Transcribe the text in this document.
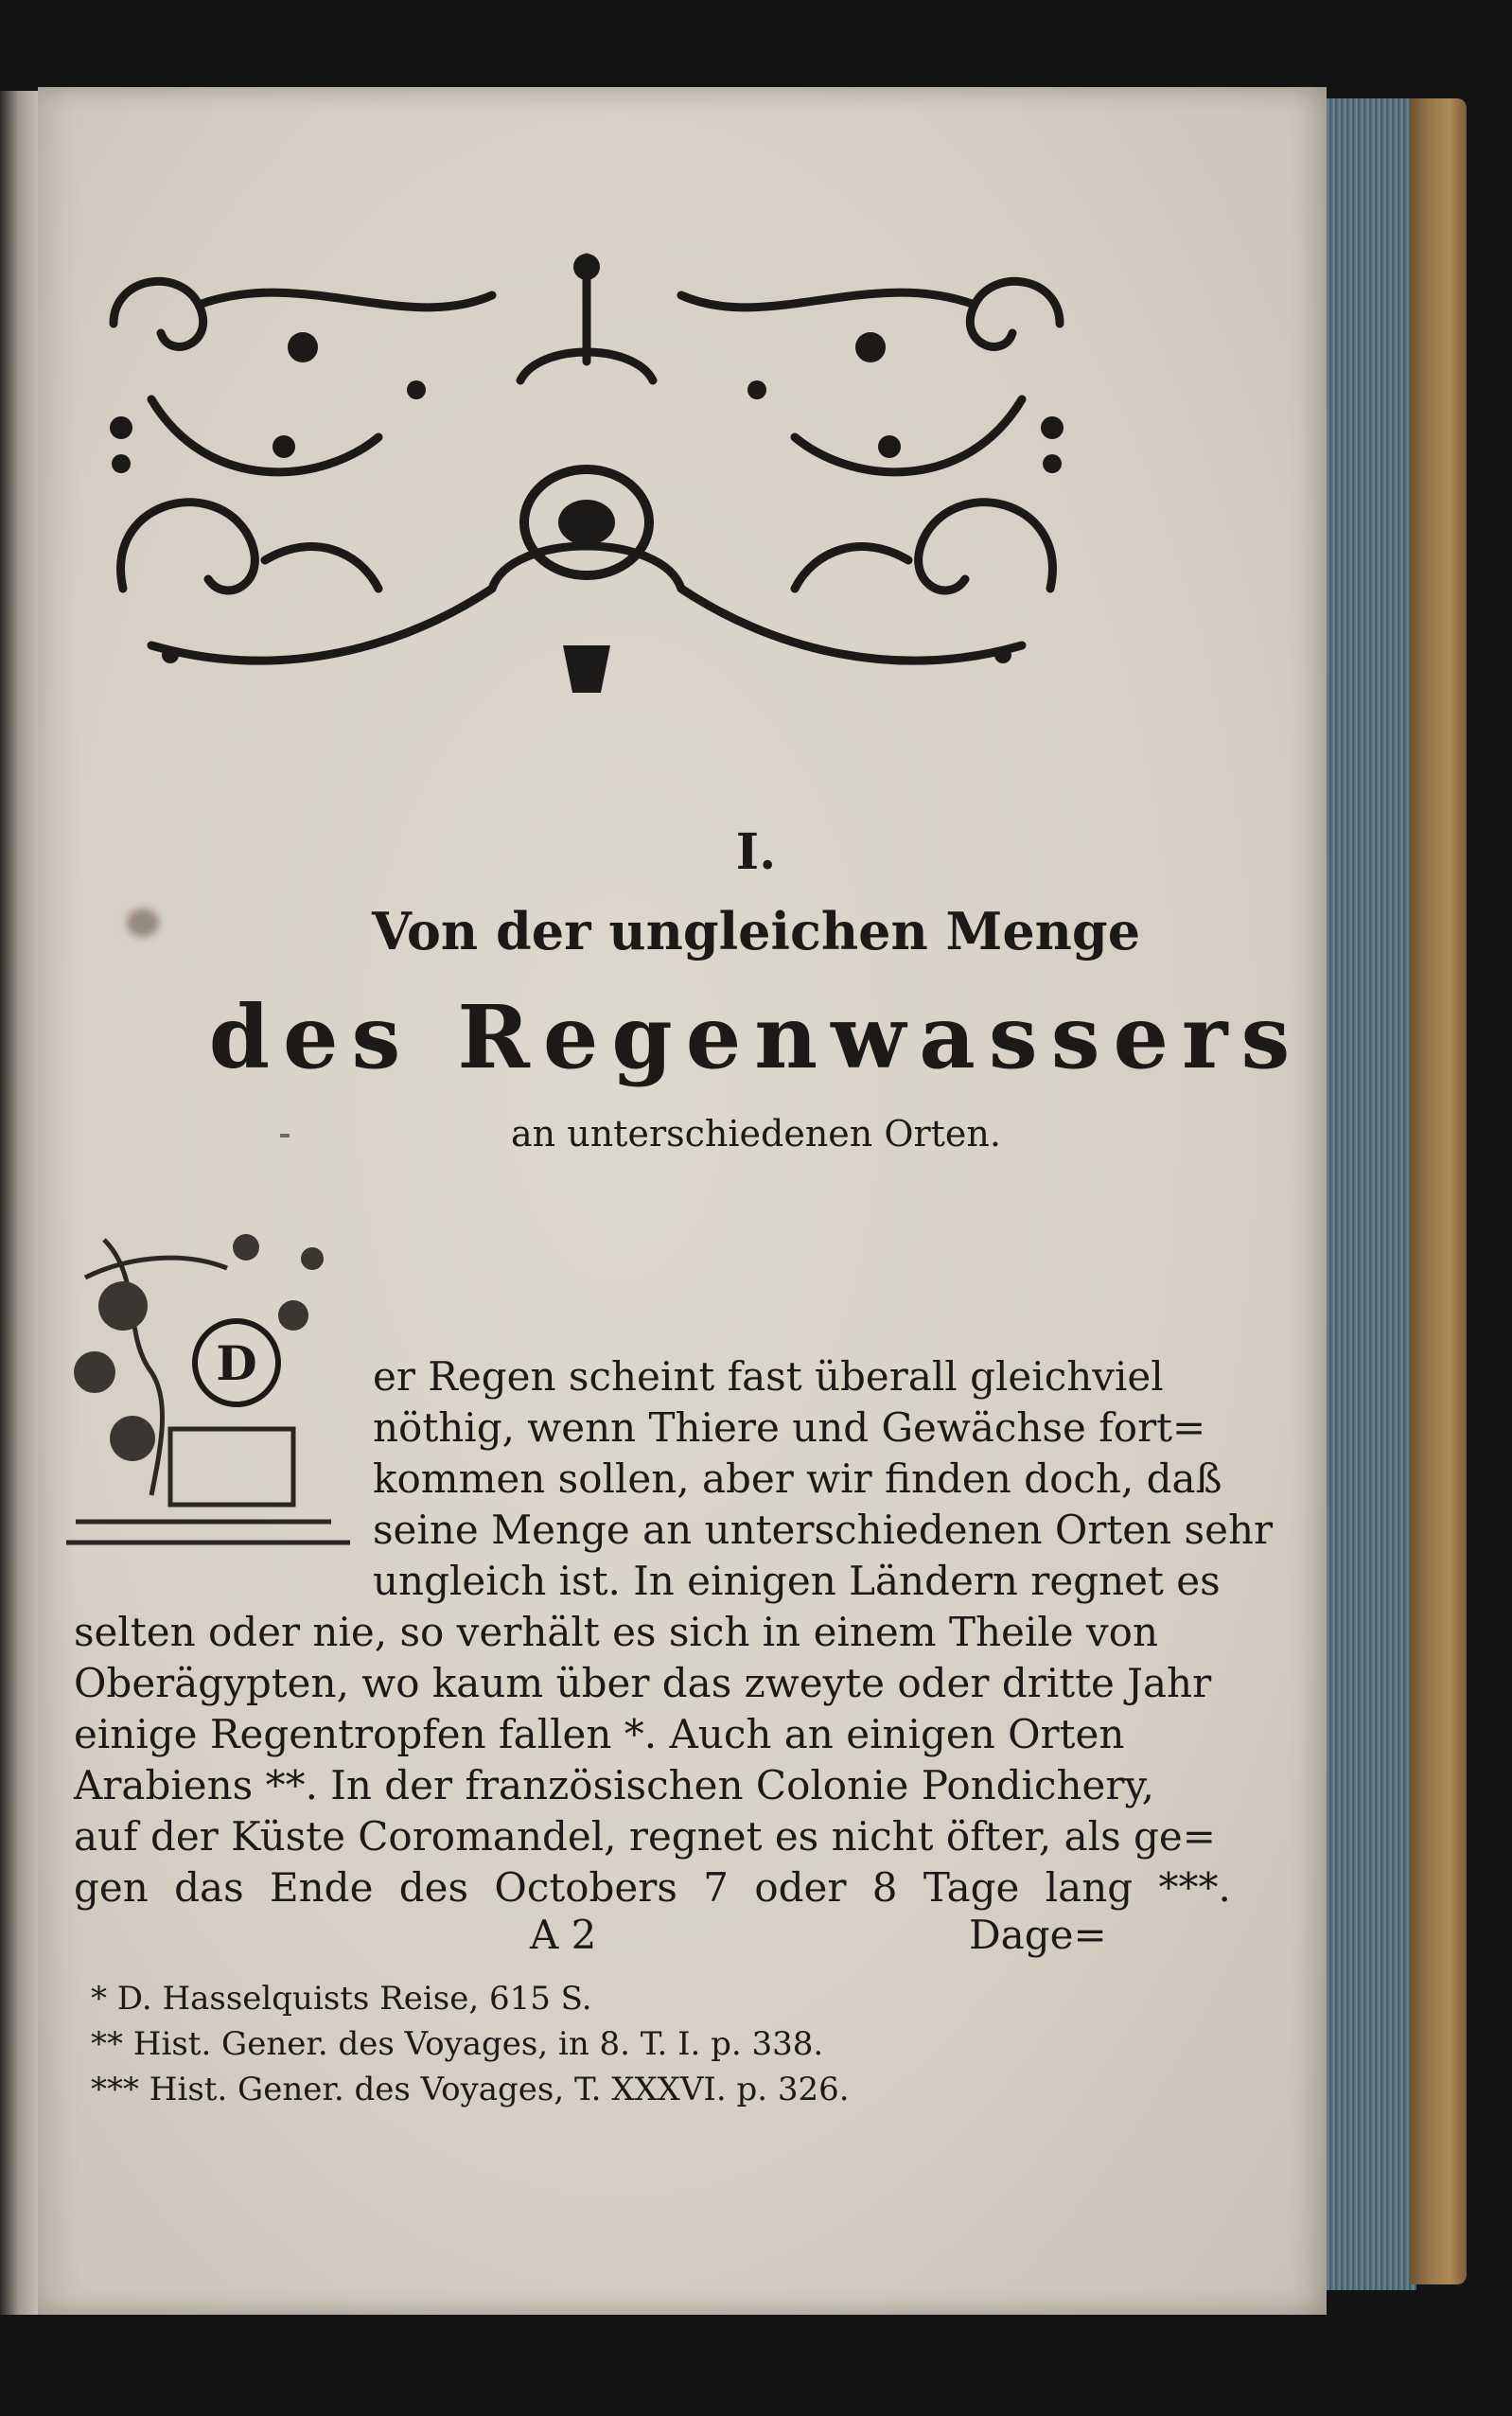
I.
Von der ungleichen Menge
des Regenwassers
an unterschiedenen Orten.
D	er Regen scheint fast überall gleichviel
nöthig, wenn Thiere und Gewächse fort=
kommen sollen, aber wir finden doch, daß
seine Menge an unterschiedenen Orten sehr
ungleich ist. In einigen Ländern regnet es
selten oder nie, so verhält es sich in einem Theile von
Oberägypten, wo kaum über das zweyte oder dritte Jahr
einige Regentropfen fallen *. Auch an einigen Orten
Arabiens **. In der französischen Colonie Pondichery,
auf der Küste Coromandel, regnet es nicht öfter, als ge=
gen das Ende des Octobers 7 oder 8 Tage lang ***.
A 2	Dage=
* D. Hasselquists Reise, 615 S.
** Hist. Gener. des Voyages, in 8. T. I. p. 338.
*** Hist. Gener. des Voyages, T. XXXVI. p. 326.
